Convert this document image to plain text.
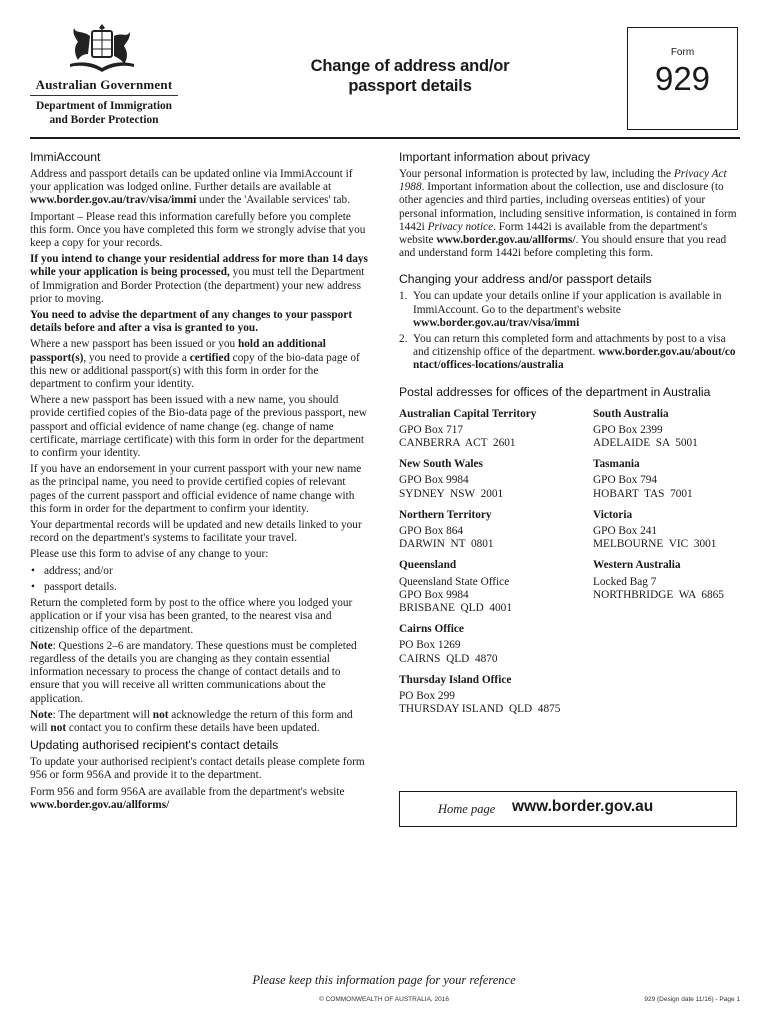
Australian Government
Department of Immigration
and Border Protection
Change of address and/or
passport details
Form
929
ImmiAccount

Address and passport details can be updated online via ImmiAccount if your application was lodged online. Further details are available at www.border.gov.au/trav/visa/immi under the 'Available services' tab.

Important – Please read this information carefully before you complete this form. Once you have completed this form we strongly advise that you keep a copy for your records.

If you intend to change your residential address for more than 14 days while your application is being processed, you must tell the Department of Immigration and Border Protection (the department) your new address prior to moving.

You need to advise the department of any changes to your passport details before and after a visa is granted to you.

Where a new passport has been issued or you hold an additional passport(s), you need to provide a certified copy of the bio-data page of this new or additional passport(s) with this form in order for the department to confirm your identity.

Where a new passport has been issued with a new name, you should provide certified copies of the Bio-data page of the previous passport, new passport and official evidence of name change (eg. change of name certificate, marriage certificate) with this form in order for the department to confirm your identity.

If you have an endorsement in your current passport with your new name as the principal name, you need to provide certified copies of relevant pages of the current passport and official evidence of name change with this form in order for the department to confirm your identity.

Your departmental records will be updated and new details linked to your record on the department's systems to facilitate your travel.

Please use this form to advise of any change to your:

• address; and/or
• passport details.

Return the completed form by post to the office where you lodged your application or if your visa has been granted, to the nearest visa and citizenship office of the department.

Note: Questions 2–6 are mandatory. These questions must be completed regardless of the details you are changing as they contain essential information necessary to process the change of contact details and to ensure that you will receive all written communications about the application.

Note: The department will not acknowledge the return of this form and will not contact you to confirm these details have been updated.

Updating authorised recipient's contact details

To update your authorised recipient's contact details please complete form 956 or form 956A and provide it to the department.

Form 956 and form 956A are available from the department's website www.border.gov.au/allforms/

Important information about privacy

Your personal information is protected by law, including the Privacy Act 1988. Important information about the collection, use and disclosure (to other agencies and third parties, including overseas entities) of your personal information, including sensitive information, is contained in form 1442i Privacy notice. Form 1442i is available from the department's website www.border.gov.au/allforms/. You should ensure that you read and understand form 1442i before completing this form.

Changing your address and/or passport details
1. You can update your details online if your application is available in ImmiAccount. Go to the department's website www.border.gov.au/trav/visa/immi
2. You can return this completed form and attachments by post to a visa and citizenship office of the department. www.border.gov.au/about/contact/offices-locations/australia
Postal addresses for offices of the department in Australia
Australian Capital Territory
GPO Box 717
CANBERRA  ACT  2601
New South Wales
GPO Box 9984
SYDNEY  NSW  2001
Northern Territory
GPO Box 864
DARWIN  NT  0801
Queensland
Queensland State Office
GPO Box 9984
BRISBANE  QLD  4001
Cairns Office
PO Box 1269
CAIRNS  QLD  4870
Thursday Island Office
PO Box 299
THURSDAY ISLAND  QLD  4875
South Australia
GPO Box 2399
ADELAIDE  SA  5001
Tasmania
GPO Box 794
HOBART  TAS  7001
Victoria
GPO Box 241
MELBOURNE  VIC  3001
Western Australia
Locked Bag 7
NORTHBRIDGE  WA  6865
Home page www.border.gov.au
Please keep this information page for your reference
© COMMONWEALTH OF AUSTRALIA, 2016	929 (Design date 11/16) - Page 1
